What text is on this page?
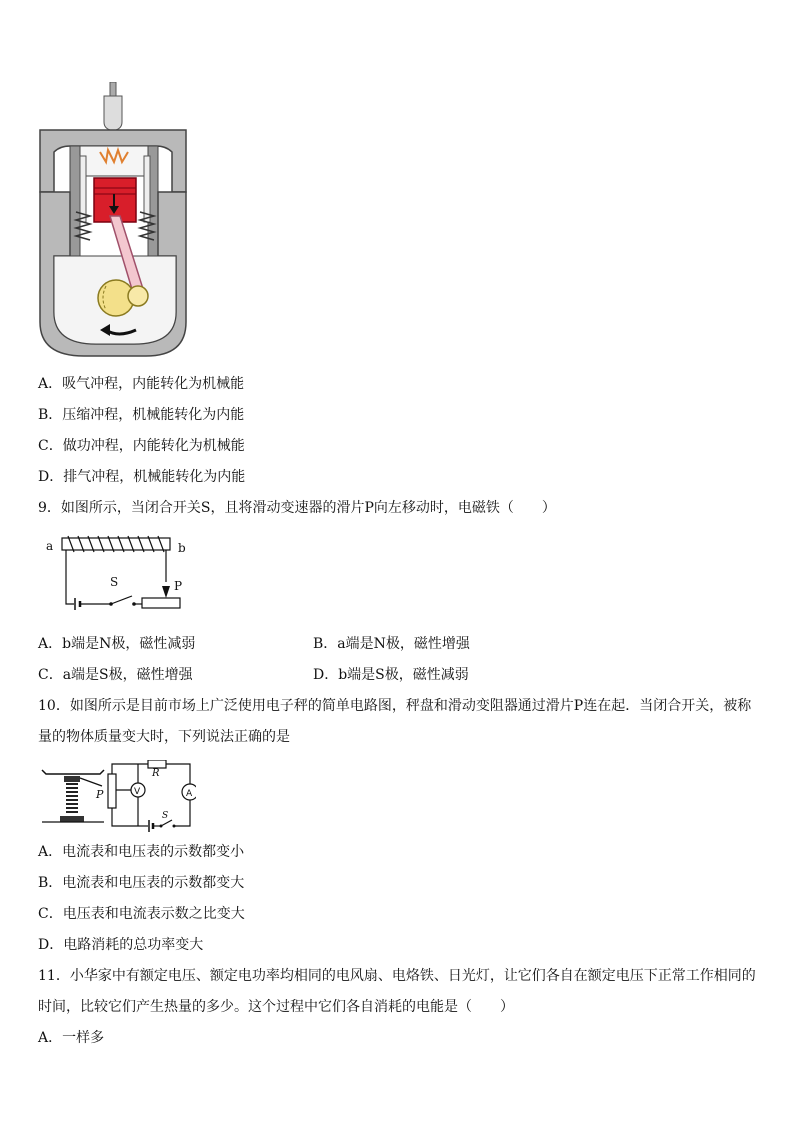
A．吸气冲程，内能转化为机械能
B．压缩冲程，机械能转化为内能
C．做功冲程，内能转化为机械能
D．排气冲程，机械能转化为内能
9．如图所示，当闭合开关S，且将滑动变速器的滑片P向左移动时，电磁铁（　　）
a	b
S	P
A．b端是N极，磁性减弱	B．a端是N极，磁性增强
C．a端是S极，磁性增强	D．b端是S极，磁性减弱
10．如图所示是目前市场上广泛使用电子秤的简单电路图，秤盘和滑动变阻器通过滑片P连在起．当闭合开关，被称
量的物体质量变大时，下列说法正确的是
P
R
V	A
S
A．电流表和电压表的示数都变小
B．电流表和电压表的示数都变大
C．电压表和电流表示数之比变大
D．电路消耗的总功率变大
11．小华家中有额定电压、额定电功率均相同的电风扇、电烙铁、日光灯，让它们各自在额定电压下正常工作相同的
时间，比较它们产生热量的多少。这个过程中它们各自消耗的电能是（　　）
A．一样多
